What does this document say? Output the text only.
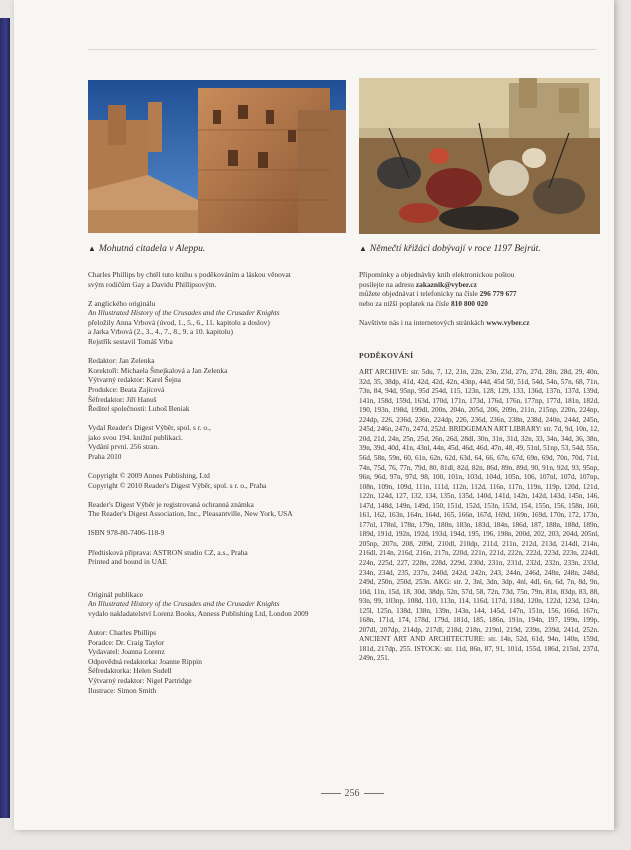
▲ Mohutná citadela v Aleppu.	▲ Němečtí křižáci dobývají v roce 1197 Bejrút.

Charles Phillips by chtěl tuto knihu s poděkováním a láskou věnovat
svým rodičům Gay a Davidu Phillipsovým.

Z anglického originálu
An Illustrated History of the Crusades and the Crusader Knights
přeložily Anna Vrbová (úvod, 1., 5., 6., 11. kapitolu a doslov)
a Jarka Vrbová (2., 3., 4., 7., 8., 9. a 10. kapitolu)
Rejstřík sestavil Tomáš Vrba

Redaktor: Jan Zelenka
Korektoři: Michaela Šmejkalová a Jan Zelenka
Výtvarný redaktor: Karel Šejna
Produkce: Beata Zajícová
Šéfredaktor: Jiří Hanuš
Ředitel společnosti: Luboš Beniak

Vydal Reader's Digest Výběr, spol. s r. o.,
jako svou 194. knižní publikaci.
Vydání první. 256 stran.
Praha 2010

Copyright © 2009 Annes Publishing, Ltd
Copyright © 2010 Reader's Digest Výběr, spol. s r. o., Praha

Reader's Digest Výběr je registrovaná ochranná známka
The Reader's Digest Association, Inc., Pleasantville, New York, USA

ISBN 978-80-7406-118-9

Předtisková příprava: ASTRON studio CZ, a.s., Praha
Printed and bound in UAE

Originál publikace
An Illustrated History of the Crusades and the Crusader Knights
vydalo nakladatelství Lorenz Books, Anness Publishing Ltd, London 2009

Autor: Charles Phillips
Poradce: Dr. Craig Taylor
Vydavatel: Joanna Lorenz
Odpovědná redaktorka: Joanne Rippin
Šéfredaktorka: Helen Sudell
Výtvarný redaktor: Nigel Partridge
Ilustrace: Simon Smith

Připomínky a objednávky knih elektronickou poštou
posílejte na adresu zakaznik@vyber.cz
můžete objednávat i telefonicky na čísle 296 779 677
nebo za nižší poplatek na čísle 810 800 020

Navštivte nás i na internetových stránkách www.vyber.cz

PODĚKOVÁNÍ

ART ARCHIVE: str. 5du, 7, 12, 21n, 22n, 23n, 23d, 27n, 27d, 28n, 28d, 29, 40n, 32d, 35, 38dp, 41d, 42d, 42d, 42n, 43np, 44d, 45d 50, 51d, 54d, 54n, 57n, 68, 71n, 73n, 84, 94d, 95np, 95d 254d, 115, 123n, 128, 129, 133, 136d, 137n, 137d, 139d, 141n, 158d, 159d, 163d, 170d, 171n, 173d, 176d, 176n, 177np, 177d, 181n, 182d, 190, 193n, 198d, 199dl, 200n, 204n, 205d, 206, 209n, 211n, 215np, 220n, 224np, 224dp, 226, 236d, 236n, 224dp, 226, 236d, 236n, 238n, 238d, 240n, 244d, 245n, 245d, 246n, 247n, 247d, 252d. BRIDGEMAN ART LIBRARY: str. 7d, 9d, 10n, 12, 20d, 21d, 24n, 25n, 25d, 26n, 26d, 28dl, 30n, 31n, 31d, 32n, 33, 34n, 34d, 36, 38n, 39n, 39d, 40d, 41n, 43nl, 44n, 45d, 46d, 46d, 47n, 48, 49, 51nl, 51np, 53, 54d, 55n, 56d, 58n, 59n, 60, 61n, 62n, 62d, 63d, 64, 66, 67n, 67d, 69n, 69d, 70n, 70d, 71d, 74n, 75d, 76, 77n, 79d, 80, 81dl, 82d, 82n, 86d, 89n, 89d, 90, 91n, 92d, 93, 95np, 96n, 96d, 97n, 97d, 98, 100, 101n, 103d, 104d, 105n, 106, 107nl, 107d, 107np, 108n, 109n, 109d, 111n, 111d, 112n, 112d, 116n, 117n, 119n, 119p, 120d, 121d, 122n, 124d, 127, 132, 134, 135n, 135d, 140d, 141d, 142n, 142d, 143d, 145n, 146, 147d, 148d, 149n, 149d, 150, 151d, 152d, 153n, 153d, 154, 155n, 156, 158n, 160, 161, 162, 163n, 164n, 164d, 165, 166n, 167d, 169d, 169n, 169d, 170n, 172, 173n, 177nl, 178nl, 178n, 179n, 180n, 183n, 183d, 184n, 186d, 187, 188n, 188d, 189n, 189d, 191d, 192n, 192d, 193d, 194d, 195, 196, 198n, 200d, 202, 203, 204d, 205nl, 205np, 207n, 208, 209d, 210dl, 210dp, 211d, 211n, 212d, 213d, 214dl, 214n, 216dl, 214n, 216d, 216n, 217n, 220d, 221n, 221d, 222n, 222d, 223d, 223n, 224dl, 224n, 225d, 227, 228n, 228d, 229d, 230d, 231n, 231d, 232d, 232n, 233n, 233d, 234n, 234d, 235, 237n, 240d, 242d, 242n, 243, 244n, 246d, 248n, 248n, 248d, 249d, 250n, 250d, 253n. AKG: str. 2, 3nl, 3dn, 3dp, 4nl, 4dl, 6n, 6d, 7n, 8d, 9n, 10d, 11n, 15d, 18, 30d, 38dp, 52n, 57d, 58, 72n, 73d, 75n, 79n, 81n, 83dp, 83, 88, 93n, 99, 103np, 108d, 110, 113n, 114, 116d, 117d, 118d, 120n, 122d, 123d, 124n, 125l, 125n, 138d, 138n, 139n, 143n, 144, 145d, 147n, 151n, 156, 166d, 167n, 168n, 171d, 174, 178d, 179d, 181d, 185, 186n, 191n, 194n, 197, 199n, 199p, 207dl, 207dp, 214dp, 217dl, 218d, 218n, 219nl, 219d, 239n, 239d, 241d, 252n. ANCIENT ART AND ARCHITECTURE: str. 14n, 52d, 61d, 94n, 140n, 159d, 181d, 217dp, 255. ISTOCK: str. 11d, 86n, 87, 91, 101d, 155d, 186d, 215nl, 237d, 249n, 251.

256
